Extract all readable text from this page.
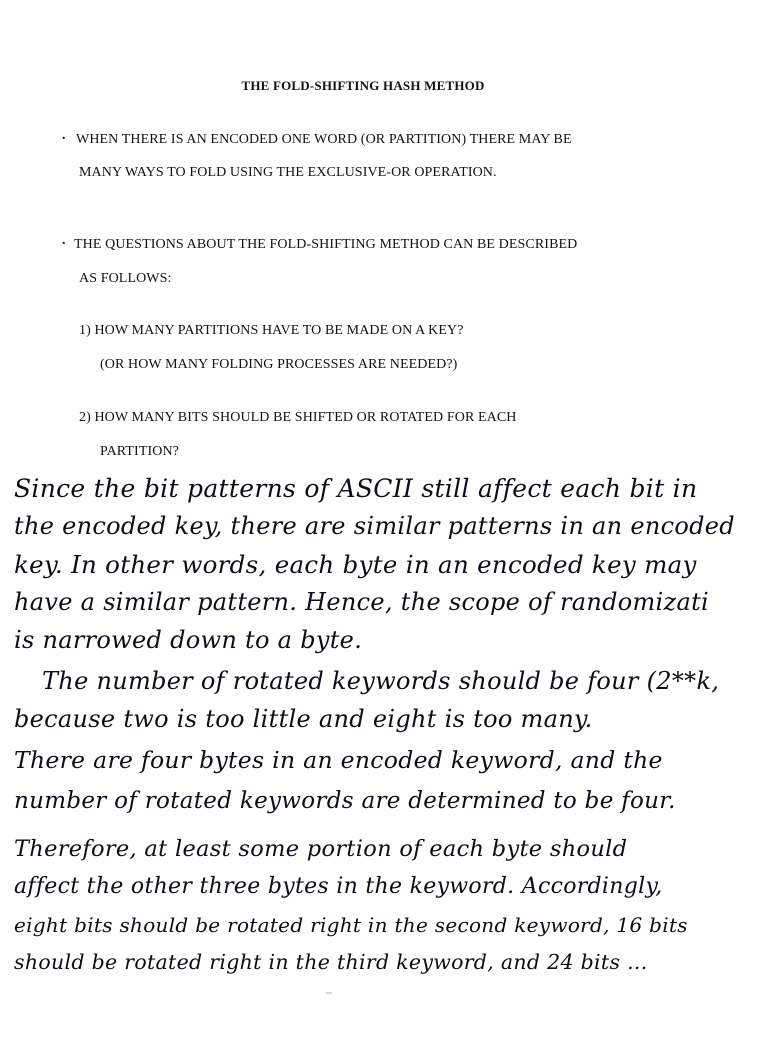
THE FOLD-SHIFTING HASH METHOD
. WHEN THERE IS AN ENCODED ONE WORD (OR PARTITION) THERE MAY BE
MANY WAYS TO FOLD USING THE EXCLUSIVE-OR OPERATION.
. THE QUESTIONS ABOUT THE FOLD-SHIFTING METHOD CAN BE DESCRIBED
AS FOLLOWS:
1) HOW MANY PARTITIONS HAVE TO BE MADE ON A KEY?
(OR HOW MANY FOLDING PROCESSES ARE NEEDED?)
2) HOW MANY BITS SHOULD BE SHIFTED OR ROTATED FOR EACH
PARTITION?
Since the bit patterns of ASCII still affect each bit in
the encoded key, there are similar patterns in an encoded
key. In other words, each byte in an encoded key may
have a similar pattern. Hence, the scope of randomizati
is narrowed down to a byte.
The number of rotated keywords should be four (2**k,
because two is too little and eight is too many.
There are four bytes in an encoded keyword, and the
number of rotated keywords are determined to be four.
Therefore, at least some portion of each byte should
affect the other three bytes in the keyword. Accordingly,
eight bits should be rotated right in the second keyword, 16 bits
should be rotated right in the third keyword, and 24 bits ...
